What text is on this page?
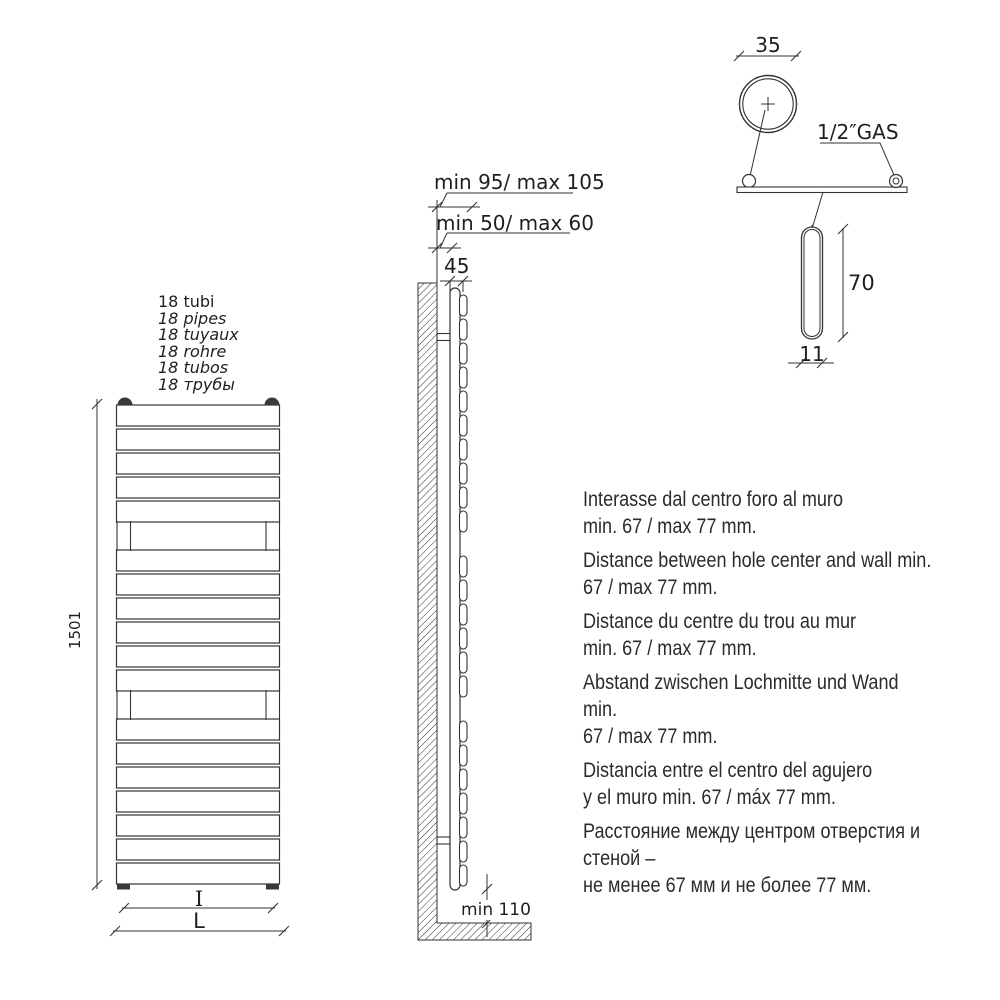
18 tubi
18 pipes
18 tuyaux
18 rohre
18 tubos
18 трубы
1501
I
L
min 95/ max 105
min 50/ max 60
45
min 110
35
1/2″GAS
70
11
Interasse dal centro foro al muro
min. 67 / max 77 mm.
Distance between hole center and wall min.
67 / max 77 mm.
Distance du centre du trou au mur
min. 67 / max 77 mm.
Abstand zwischen Lochmitte und Wand min.
67 / max 77 mm.
Distancia entre el centro del agujero
y el muro min. 67 / máx 77 mm.
Расстояние между центром отверстия и стеной –
не менее 67 мм и не более 77 мм.
